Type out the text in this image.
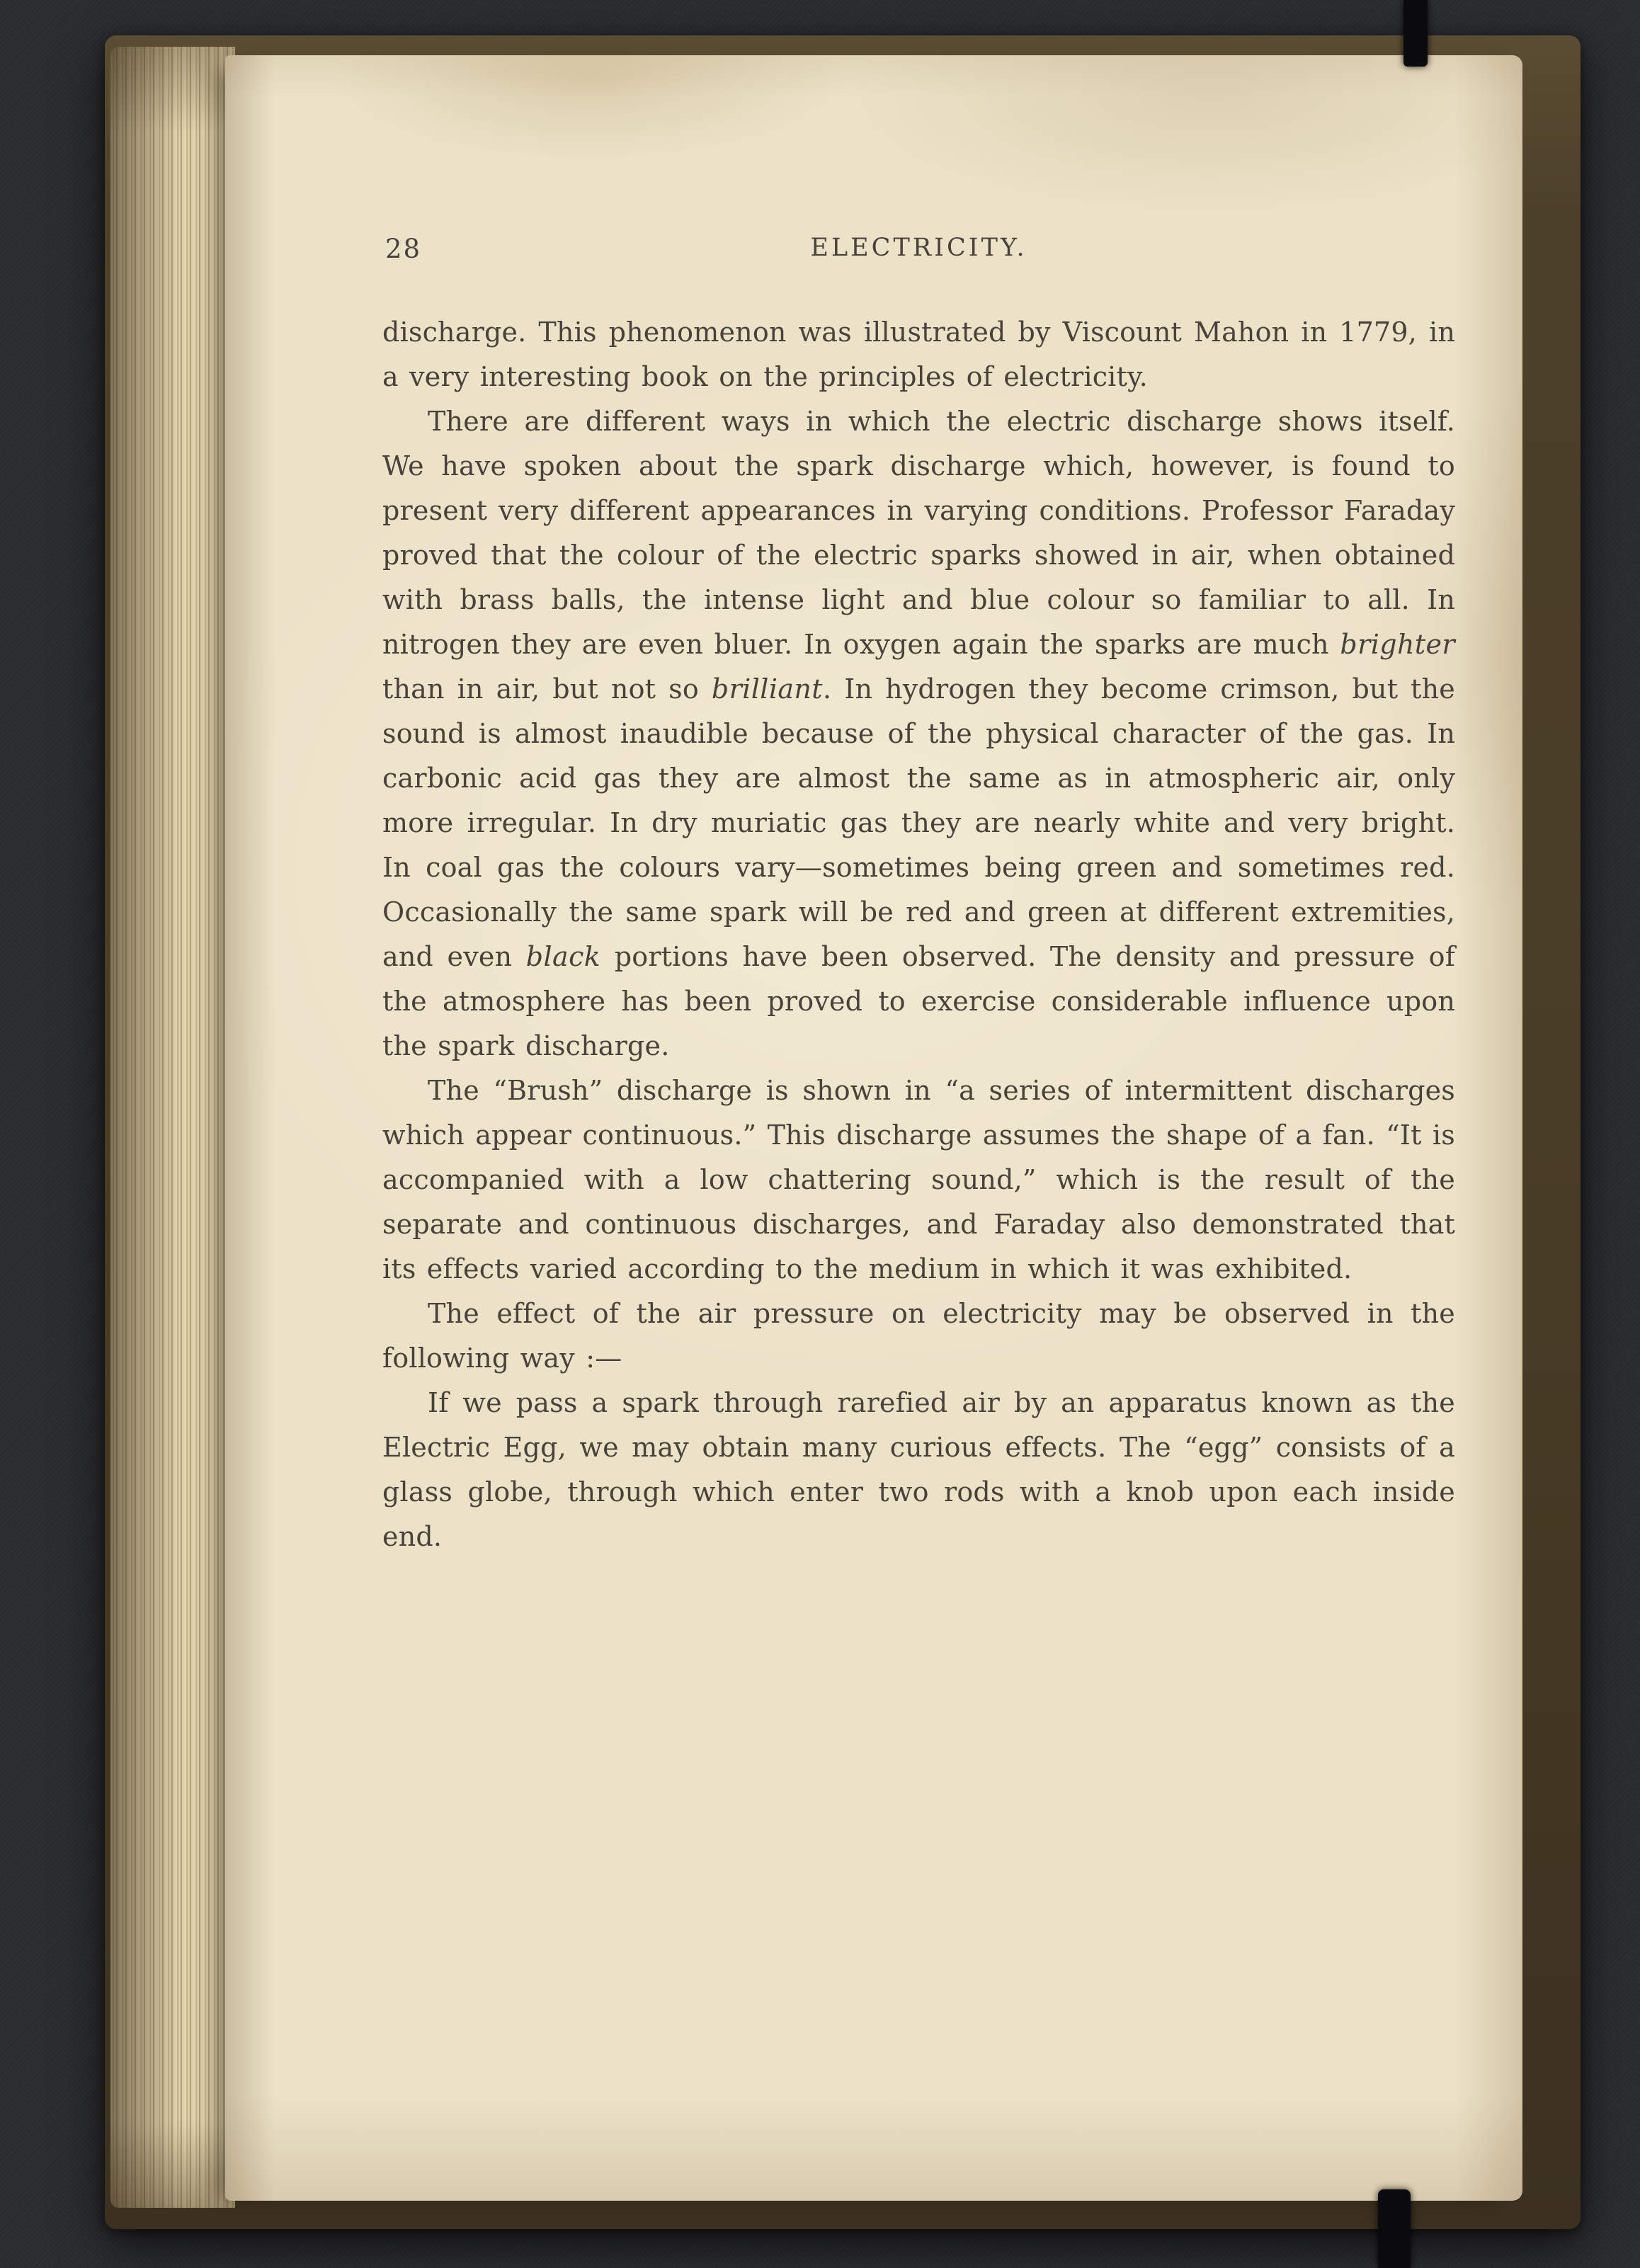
28	ELECTRICITY.

discharge. This phenomenon was illustrated by Viscount Mahon in 1779, in a very interesting book on the principles of electricity.

There are different ways in which the electric discharge shows itself. We have spoken about the spark discharge which, however, is found to present very different appearances in varying conditions. Professor Faraday proved that the colour of the electric sparks showed in air, when obtained with brass balls, the intense light and blue colour so familiar to all. In nitrogen they are even bluer. In oxygen again the sparks are much brighter than in air, but not so brilliant. In hydrogen they become crimson, but the sound is almost inaudible because of the physical character of the gas. In carbonic acid gas they are almost the same as in atmospheric air, only more irregular. In dry muriatic gas they are nearly white and very bright. In coal gas the colours vary—sometimes being green and sometimes red. Occasionally the same spark will be red and green at different extremities, and even black portions have been observed. The density and pressure of the atmosphere has been proved to exercise considerable influence upon the spark discharge.

The “Brush” discharge is shown in “a series of intermittent discharges which appear continuous.” This discharge assumes the shape of a fan. “It is accompanied with a low chattering sound,” which is the result of the separate and continuous discharges, and Faraday also demonstrated that its effects varied according to the medium in which it was exhibited.

The effect of the air pressure on electricity may be observed in the following way :—

If we pass a spark through rarefied air by an apparatus known as the Electric Egg, we may obtain many curious effects. The “egg” consists of a glass globe, through which enter two rods with a knob upon each inside end.
